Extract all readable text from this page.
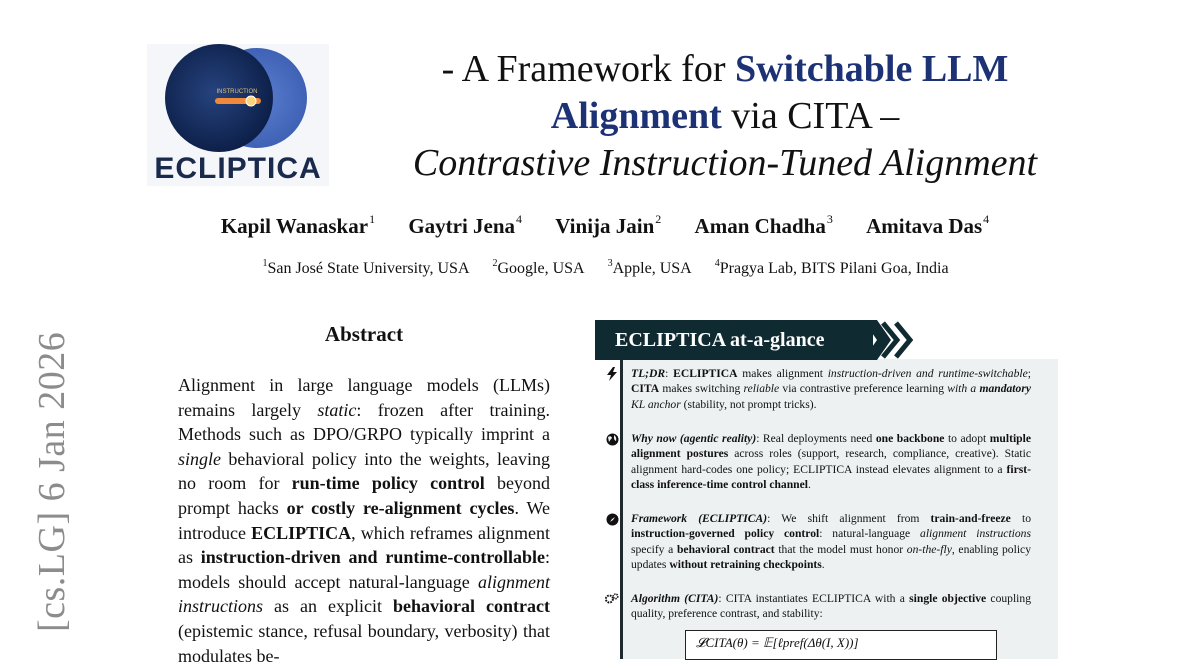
[cs.LG] 6 Jan 2026
INSTRUCTION
ECLIPTICA
- A Framework for Switchable LLM
Alignment via CITA –
Contrastive Instruction-Tuned Alignment
Kapil Wanaskar$^1$ Gaytri Jena$^4$ Vinija Jain$^2$ Aman Chadha$^3$ Amitava Das$^4$
$^1$San José State University, USA $^2$Google, USA $^3$Apple, USA $^4$Pragya Lab, BITS Pilani Goa, India
Abstract

Alignment in large language models (LLMs) remains largely static: frozen after training. Methods such as DPO/GRPO typically imprint a single behavioral policy into the weights, leaving no room for run-time policy control beyond prompt hacks or costly re-alignment cycles. We introduce ECLIPTICA, which reframes alignment as instruction-driven and runtime-controllable: models should accept natural-language alignment instructions as an explicit behavioral contract (epistemic stance, refusal boundary, verbosity) that modulates be-

ECLIPTICA at-a-glance
TL;DR: ECLIPTICA makes alignment instruction-driven and runtime-switchable; CITA makes switching reliable via contrastive preference learning with a mandatory KL anchor (stability, not prompt tricks).
Why now (agentic reality): Real deployments need one backbone to adopt multiple alignment postures across roles (support, research, compliance, creative). Static alignment hard-codes one policy; ECLIPTICA instead elevates alignment to a first-class inference-time control channel.
Framework (ECLIPTICA): We shift alignment from train-and-freeze to instruction-governed policy control: natural-language alignment instructions specify a behavioral contract that the model must honor on-the-fly, enabling policy updates without retraining checkpoints.
Algorithm (CITA): CITA instantiates ECLIPTICA with a single objective coupling quality, preference contrast, and stability:
𝓛CITA(θ) = 𝔼[ℓpref(Δθ(I, X))]
